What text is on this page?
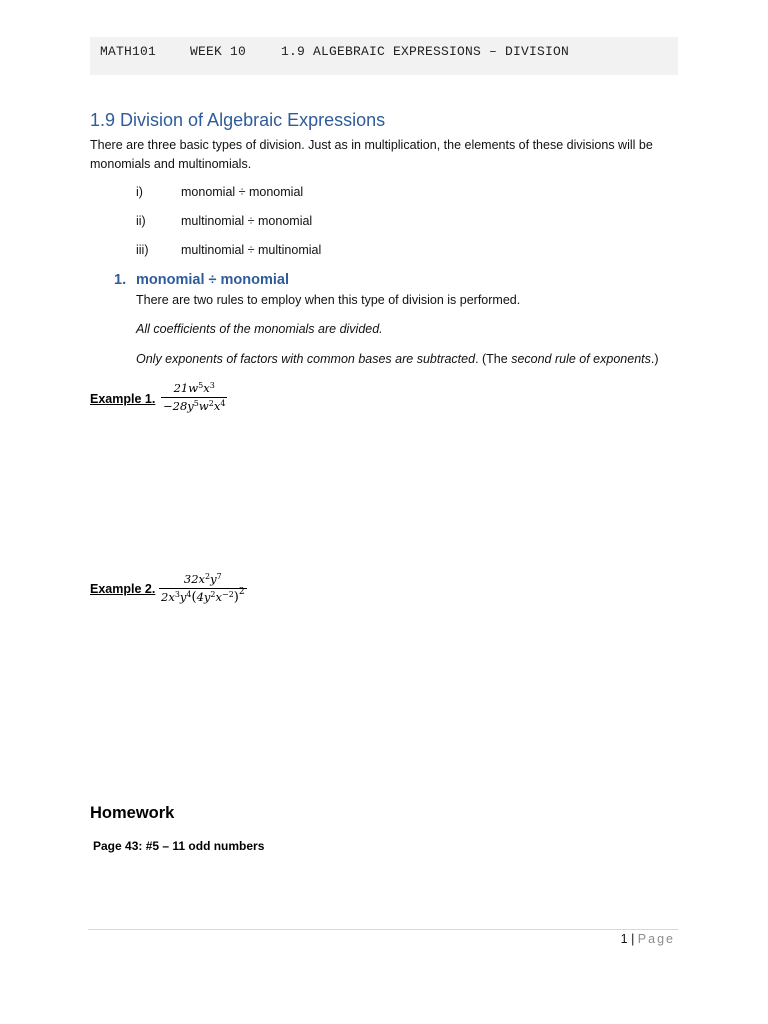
MATH101	WEEK 10	1.9 ALGEBRAIC EXPRESSIONS – DIVISION
1.9 Division of Algebraic Expressions

There are three basic types of division. Just as in multiplication, the elements of these divisions will be monomials and multinomials.

i)	monomial ÷ monomial
ii)	multinomial ÷ monomial
iii)	multinomial ÷ multinomial
1. monomial ÷ monomial

There are two rules to employ when this type of division is performed.

All coefficients of the monomials are divided.

Only exponents of factors with common bases are subtracted. (The second rule of exponents.)

Example 1.
$21w^5x^3$
$-28y^5w^2x^4$
Example 2.
$32x^2y^7$
$2x^3y^4(4y^2x^{-2})^2$
Homework

Page 43: #5 – 11 odd numbers

1 | Page
